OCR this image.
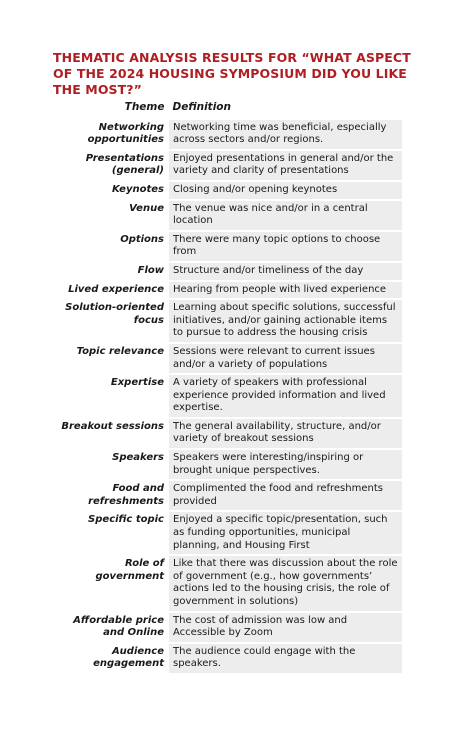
THEMATIC ANALYSIS RESULTS FOR “WHAT ASPECT OF THE 2024 HOUSING SYMPOSIUM DID YOU LIKE THE MOST?”
Theme	Definition
Networking opportunities	Networking time was beneficial, especially across sectors and/or regions.
Presentations (general)	Enjoyed presentations in general and/or the variety and clarity of presentations
Keynotes	Closing and/or opening keynotes
Venue	The venue was nice and/or in a central location
Options	There were many topic options to choose from
Flow	Structure and/or timeliness of the day
Lived experience	Hearing from people with lived experience
Solution-oriented focus	Learning about specific solutions, successful initiatives, and/or gaining actionable items to pursue to address the housing crisis
Topic relevance	Sessions were relevant to current issues and/or a variety of populations
Expertise	A variety of speakers with professional experience provided information and lived expertise.
Breakout sessions	The general availability, structure, and/or variety of breakout sessions
Speakers	Speakers were interesting/inspiring or brought unique perspectives.
Food and refreshments	Complimented the food and refreshments provided
Specific topic	Enjoyed a specific topic/presentation, such as funding opportunities, municipal planning, and Housing First
Role of government	Like that there was discussion about the role of government (e.g., how governments’ actions led to the housing crisis, the role of government in solutions)
Affordable price and Online	The cost of admission was low and Accessible by Zoom
Audience engagement	The audience could engage with the speakers.
